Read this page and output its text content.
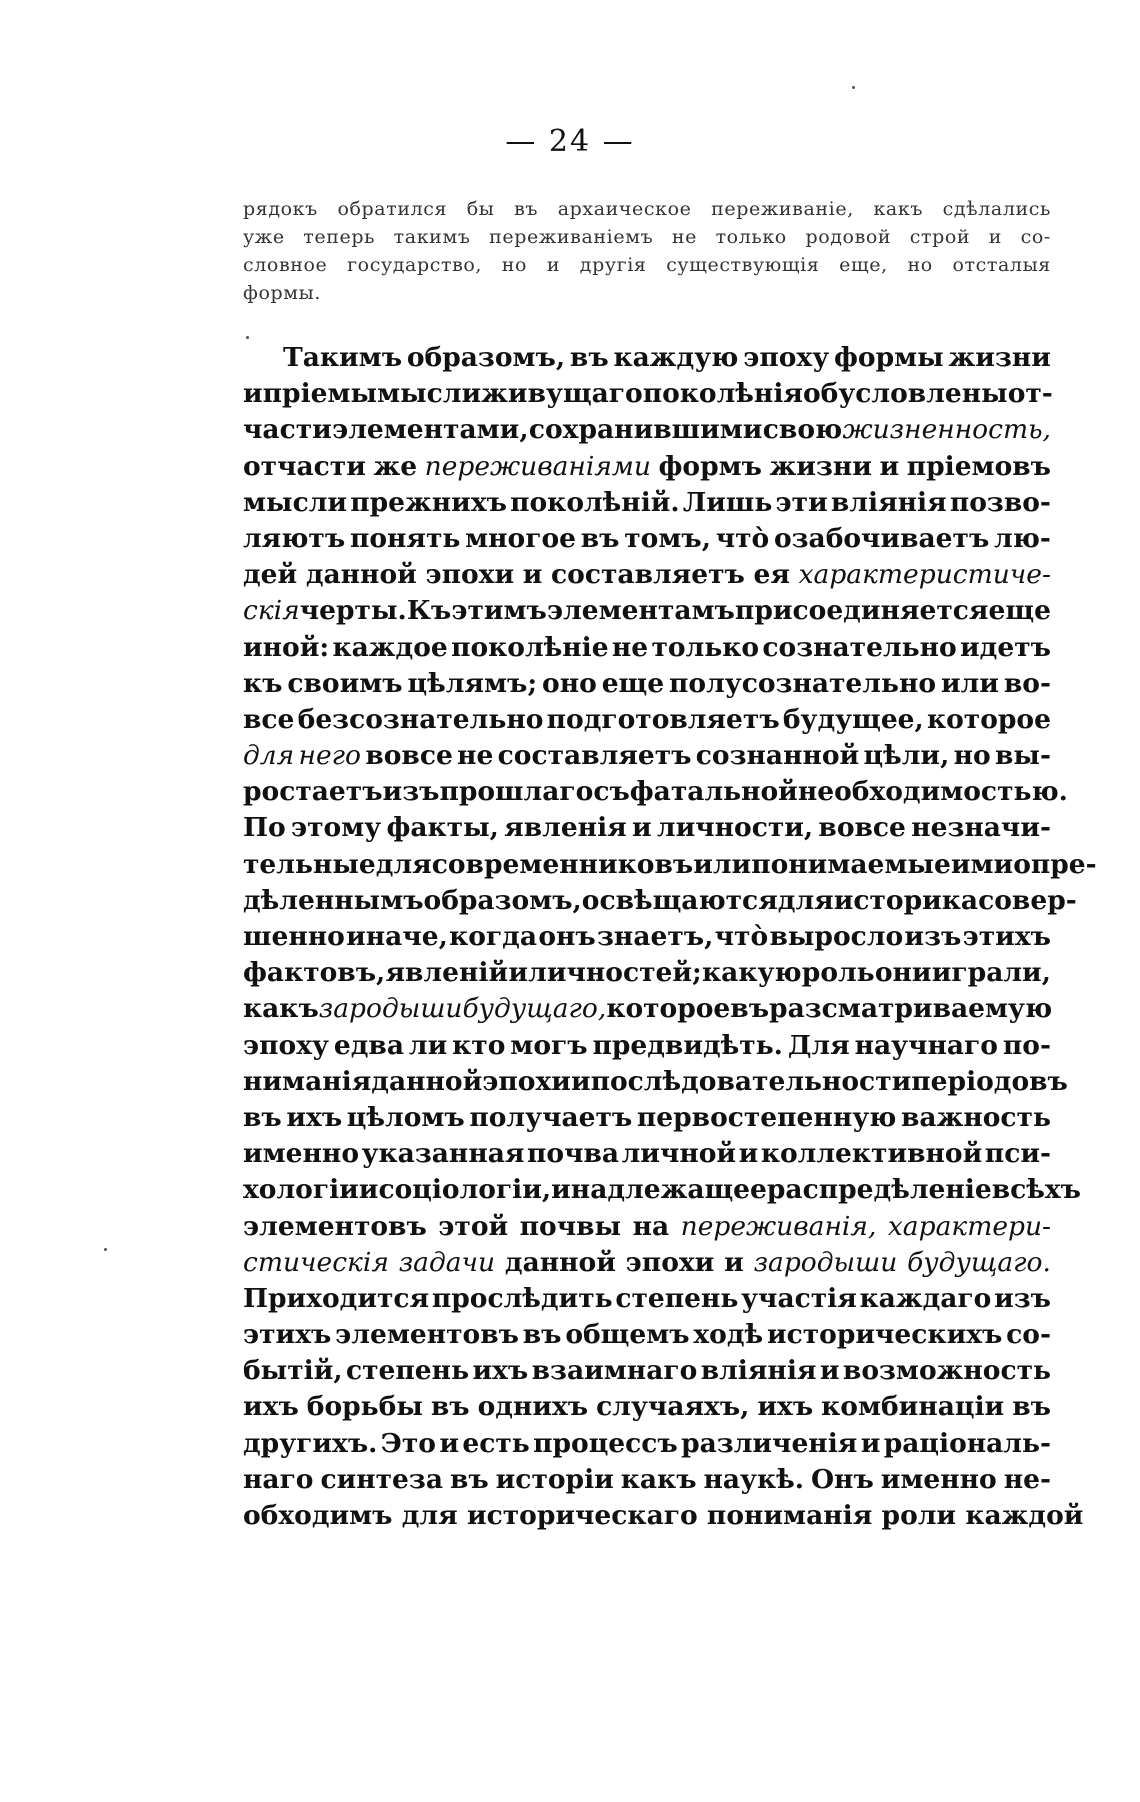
— 24 —
рядокъ обратился бы въ архаическое переживаніе, какъ сдѣлались
уже теперь такимъ переживаніемъ не только родовой строй и со-
словное государство, но и другія существующія еще, но отсталыя
формы.
Такимъ образомъ, въ каждую эпоху формы жизни
и пріемы мысли живущаго поколѣнія обусловлены от-
части элементами, сохранившими свою жизненность,
отчасти же переживаніями формъ жизни и пріемовъ
мысли прежнихъ поколѣній. Лишь эти вліянія позво-
ляютъ понять многое въ томъ, что̀ озабочиваетъ лю-
дей данной эпохи и составляетъ ея характеристиче-
скія черты. Къ этимъ элементамъ присоединяется еще
иной: каждое поколѣніе не только сознательно идетъ
къ своимъ цѣлямъ; оно еще полусознательно или во-
все безсознательно подготовляетъ будущее, которое
для него вовсе не составляетъ сознанной цѣли, но вы-
ростаетъ изъ прошлаго съ фатальной необходимостью.
По этому факты, явленія и личности, вовсе незначи-
тельные для современниковъ или понимаемые ими опре-
дѣленнымъ образомъ, освѣщаются для историка совер-
шенно иначе, когда онъ знаетъ, что̀ выросло изъ этихъ
фактовъ, явленій и личностей; какую роль они играли,
какъ зародыши будущаго, которое въ разсматриваемую
эпоху едва ли кто могъ предвидѣть. Для научнаго по-
ниманія данной эпохи и послѣдовательности періодовъ
въ ихъ цѣломъ получаетъ первостепенную важность
именно указанная почва личной и коллективной пси-
хологіи и соціологіи, и надлежащее распредѣленіе всѣхъ
элементовъ этой почвы на переживанія, характери-
стическія задачи данной эпохи и зародыши будущаго.
Приходится прослѣдить степень участія каждаго изъ
этихъ элементовъ въ общемъ ходѣ историческихъ со-
бытій, степень ихъ взаимнаго вліянія и возможность
ихъ борьбы въ однихъ случаяхъ, ихъ комбинаціи въ
другихъ. Это и есть процессъ различенія и раціональ-
наго синтеза въ исторіи какъ наукѣ. Онъ именно не-
обходимъ для историческаго пониманія роли каждой
